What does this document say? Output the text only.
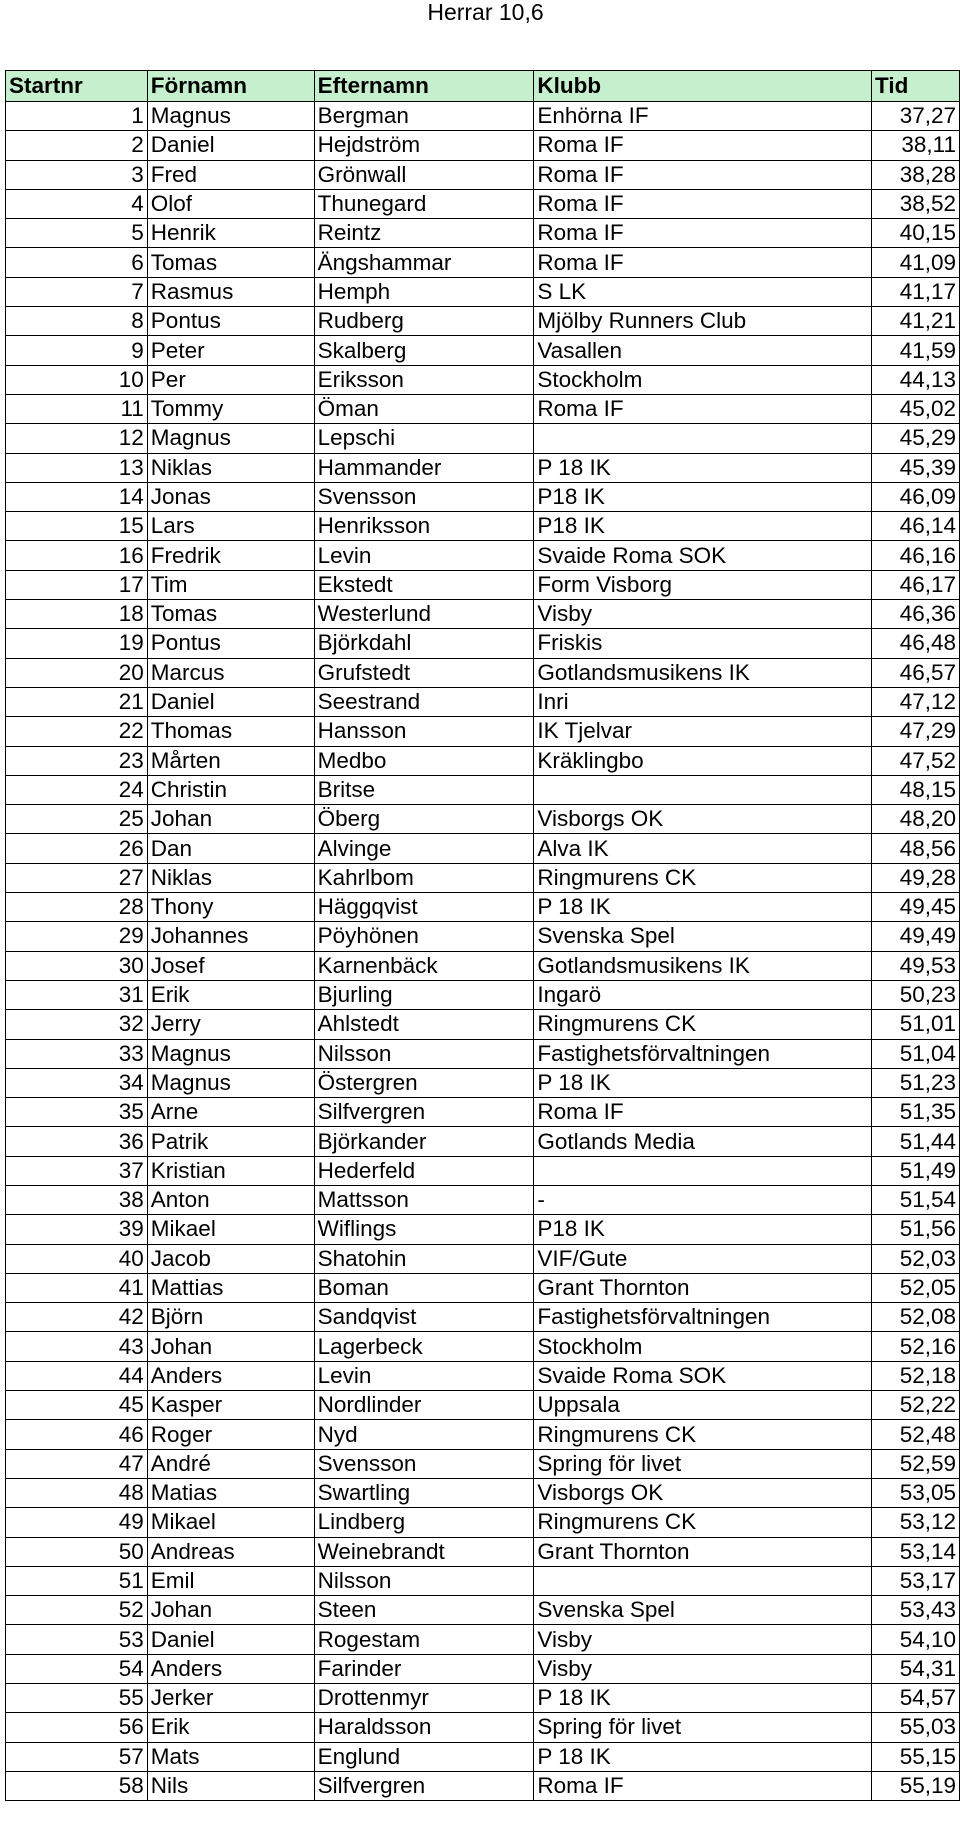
Herrar 10,6
Startnr	Förnamn	Efternamn	Klubb	Tid
1	Magnus	Bergman	Enhörna IF	37,27
2	Daniel	Hejdström	Roma IF	38,11
3	Fred	Grönwall	Roma IF	38,28
4	Olof	Thunegard	Roma IF	38,52
5	Henrik	Reintz	Roma IF	40,15
6	Tomas	Ängshammar	Roma IF	41,09
7	Rasmus	Hemph	S LK	41,17
8	Pontus	Rudberg	Mjölby Runners Club	41,21
9	Peter	Skalberg	Vasallen	41,59
10	Per	Eriksson	Stockholm	44,13
11	Tommy	Öman	Roma IF	45,02
12	Magnus	Lepschi		45,29
13	Niklas	Hammander	P 18 IK	45,39
14	Jonas	Svensson	P18 IK	46,09
15	Lars	Henriksson	P18 IK	46,14
16	Fredrik	Levin	Svaide Roma SOK	46,16
17	Tim	Ekstedt	Form Visborg	46,17
18	Tomas	Westerlund	Visby	46,36
19	Pontus	Björkdahl	Friskis	46,48
20	Marcus	Grufstedt	Gotlandsmusikens IK	46,57
21	Daniel	Seestrand	Inri	47,12
22	Thomas	Hansson	IK Tjelvar	47,29
23	Mårten	Medbo	Kräklingbo	47,52
24	Christin	Britse		48,15
25	Johan	Öberg	Visborgs OK	48,20
26	Dan	Alvinge	Alva IK	48,56
27	Niklas	Kahrlbom	Ringmurens CK	49,28
28	Thony	Häggqvist	P 18 IK	49,45
29	Johannes	Pöyhönen	Svenska Spel	49,49
30	Josef	Karnenbäck	Gotlandsmusikens IK	49,53
31	Erik	Bjurling	Ingarö	50,23
32	Jerry	Ahlstedt	Ringmurens CK	51,01
33	Magnus	Nilsson	Fastighetsförvaltningen	51,04
34	Magnus	Östergren	P 18 IK	51,23
35	Arne	Silfvergren	Roma IF	51,35
36	Patrik	Björkander	Gotlands Media	51,44
37	Kristian	Hederfeld		51,49
38	Anton	Mattsson	-	51,54
39	Mikael	Wiflings	P18 IK	51,56
40	Jacob	Shatohin	VIF/Gute	52,03
41	Mattias	Boman	Grant Thornton	52,05
42	Björn	Sandqvist	Fastighetsförvaltningen	52,08
43	Johan	Lagerbeck	Stockholm	52,16
44	Anders	Levin	Svaide Roma SOK	52,18
45	Kasper	Nordlinder	Uppsala	52,22
46	Roger	Nyd	Ringmurens CK	52,48
47	André	Svensson	Spring för livet	52,59
48	Matias	Swartling	Visborgs OK	53,05
49	Mikael	Lindberg	Ringmurens CK	53,12
50	Andreas	Weinebrandt	Grant Thornton	53,14
51	Emil	Nilsson		53,17
52	Johan	Steen	Svenska Spel	53,43
53	Daniel	Rogestam	Visby	54,10
54	Anders	Farinder	Visby	54,31
55	Jerker	Drottenmyr	P 18 IK	54,57
56	Erik	Haraldsson	Spring för livet	55,03
57	Mats	Englund	P 18 IK	55,15
58	Nils	Silfvergren	Roma IF	55,19
